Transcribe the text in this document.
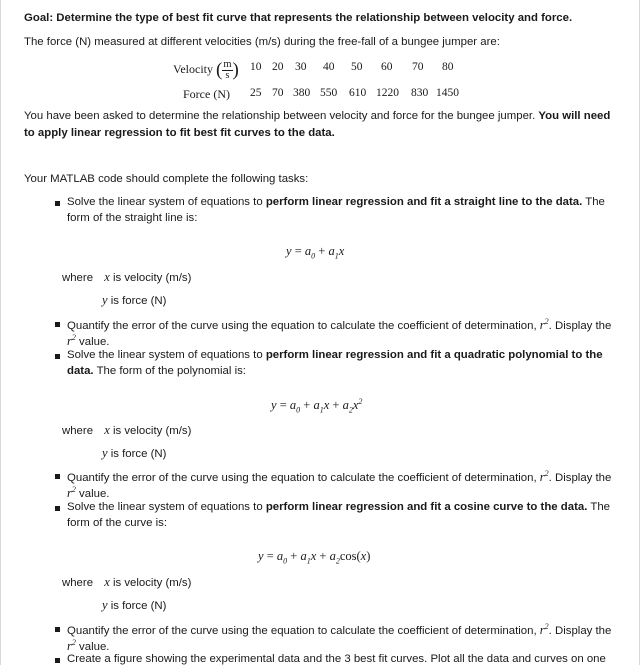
Goal: Determine the type of best fit curve that represents the relationship between velocity and force.
The force (N) measured at different velocities (m/s) during the free-fall of a bungee jumper are:
Velocity ( $\frac{m}{s}$ ) 10 20 30 40 50 60 70 80
Force (N) 25 70 380 550 610 1220 830 1450
You have been asked to determine the relationship between velocity and force for the bungee jumper. You will need
to apply linear regression to fit best fit curves to the data.
Your MATLAB code should complete the following tasks:
Solve the linear system of equations to perform linear regression and fit a straight line to the data. The
form of the straight line is:
$y = a_0 + a_1x$
where x is velocity (m/s)
y is force (N)
Quantify the error of the curve using the equation to calculate the coefficient of determination, $r^2$. Display the
$r^2$ value.
Solve the linear system of equations to perform linear regression and fit a quadratic polynomial to the
data. The form of the polynomial is:
$y = a_0 + a_1x + a_2x^2$
where x is velocity (m/s)
y is force (N)
Quantify the error of the curve using the equation to calculate the coefficient of determination, $r^2$. Display the
$r^2$ value.
Solve the linear system of equations to perform linear regression and fit a cosine curve to the data. The
form of the curve is:
$y = a_0 + a_1x + a_2\cos(x)$
where x is velocity (m/s)
y is force (N)
Quantify the error of the curve using the equation to calculate the coefficient of determination, $r^2$. Display the
$r^2$ value.
Create a figure showing the experimental data and the 3 best fit curves. Plot all the data and curves on one
